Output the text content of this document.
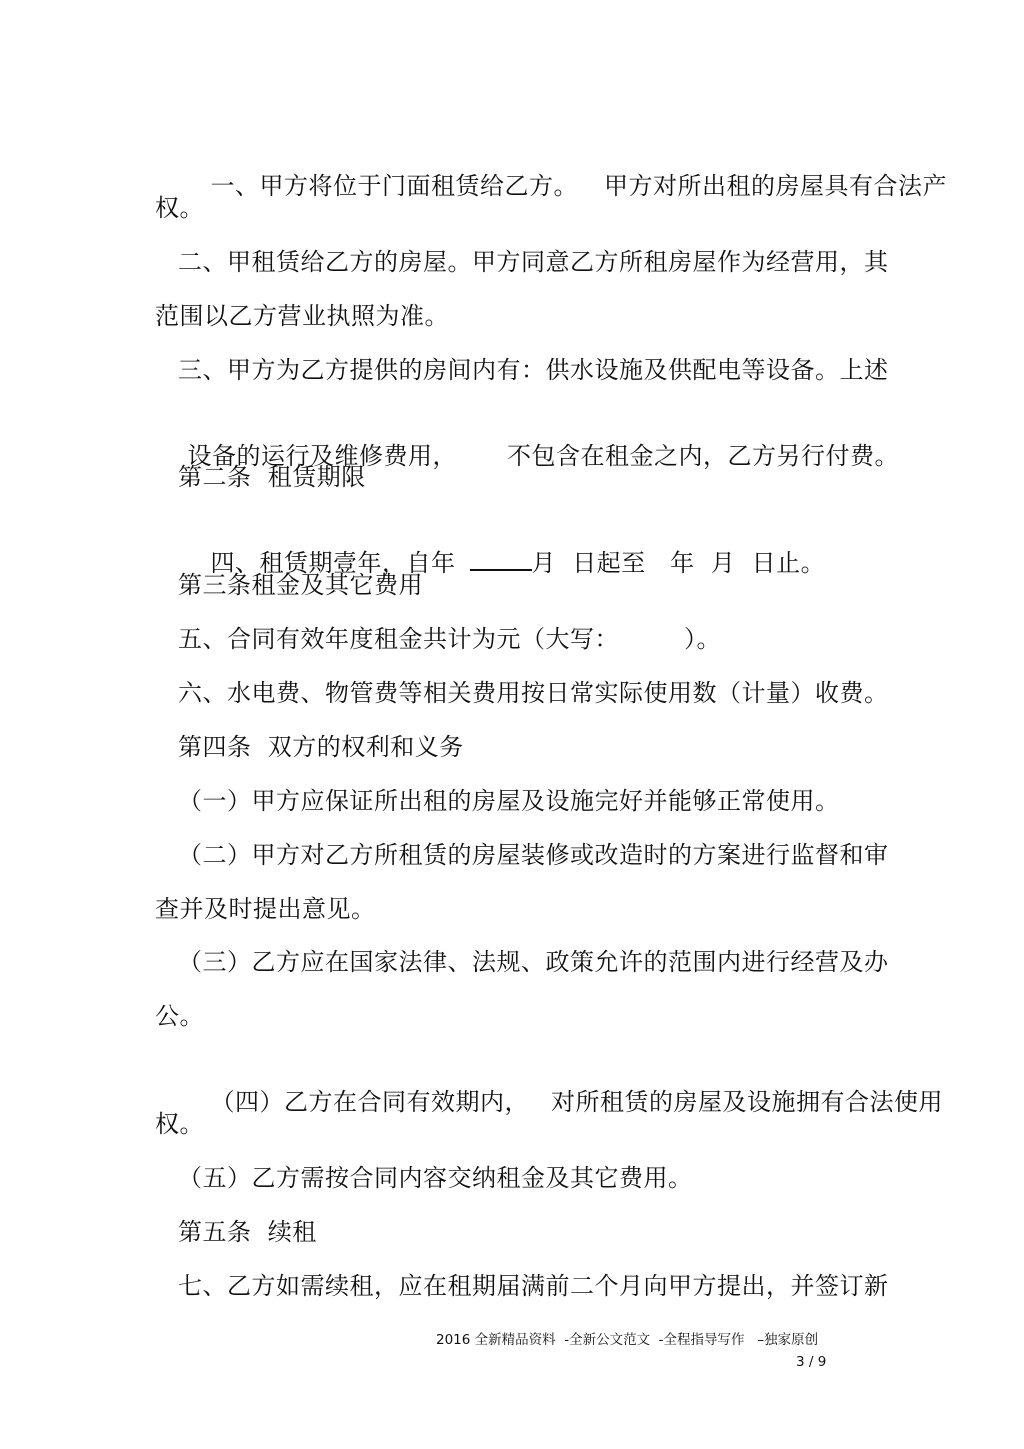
一、甲方将位于门面租赁给乙方。 甲方对所出租的房屋具有合法产

权。
二、甲租赁给乙方的房屋。甲方同意乙方所租房屋作为经营用，其
范围以乙方营业执照为准。
三、甲方为乙方提供的房间内有：供水设施及供配电等设备。上述

设备的运行及维修费用， 不包含在租金之内，乙方另行付费。

第二条  租赁期限

四、租赁期壹年，自年	月  日起至   年  月  日止。

第三条租金及其它费用
五、合同有效年度租金共计为元（大写：        ）。
六、水电费、物管费等相关费用按日常实际使用数（计量）收费。
第四条  双方的权利和义务
（一）甲方应保证所出租的房屋及设施完好并能够正常使用。
（二）甲方对乙方所租赁的房屋装修或改造时的方案进行监督和审
查并及时提出意见。
（三）乙方应在国家法律、法规、政策允许的范围内进行经营及办
公。

（四）乙方在合同有效期内， 对所租赁的房屋及设施拥有合法使用

权。
（五）乙方需按合同内容交纳租金及其它费用。
第五条  续租
七、乙方如需续租，应在租期届满前二个月向甲方提出，并签订新
2016 全新精品资料  -全新公文范文  -全程指导写作   –独家原创
3 / 9
